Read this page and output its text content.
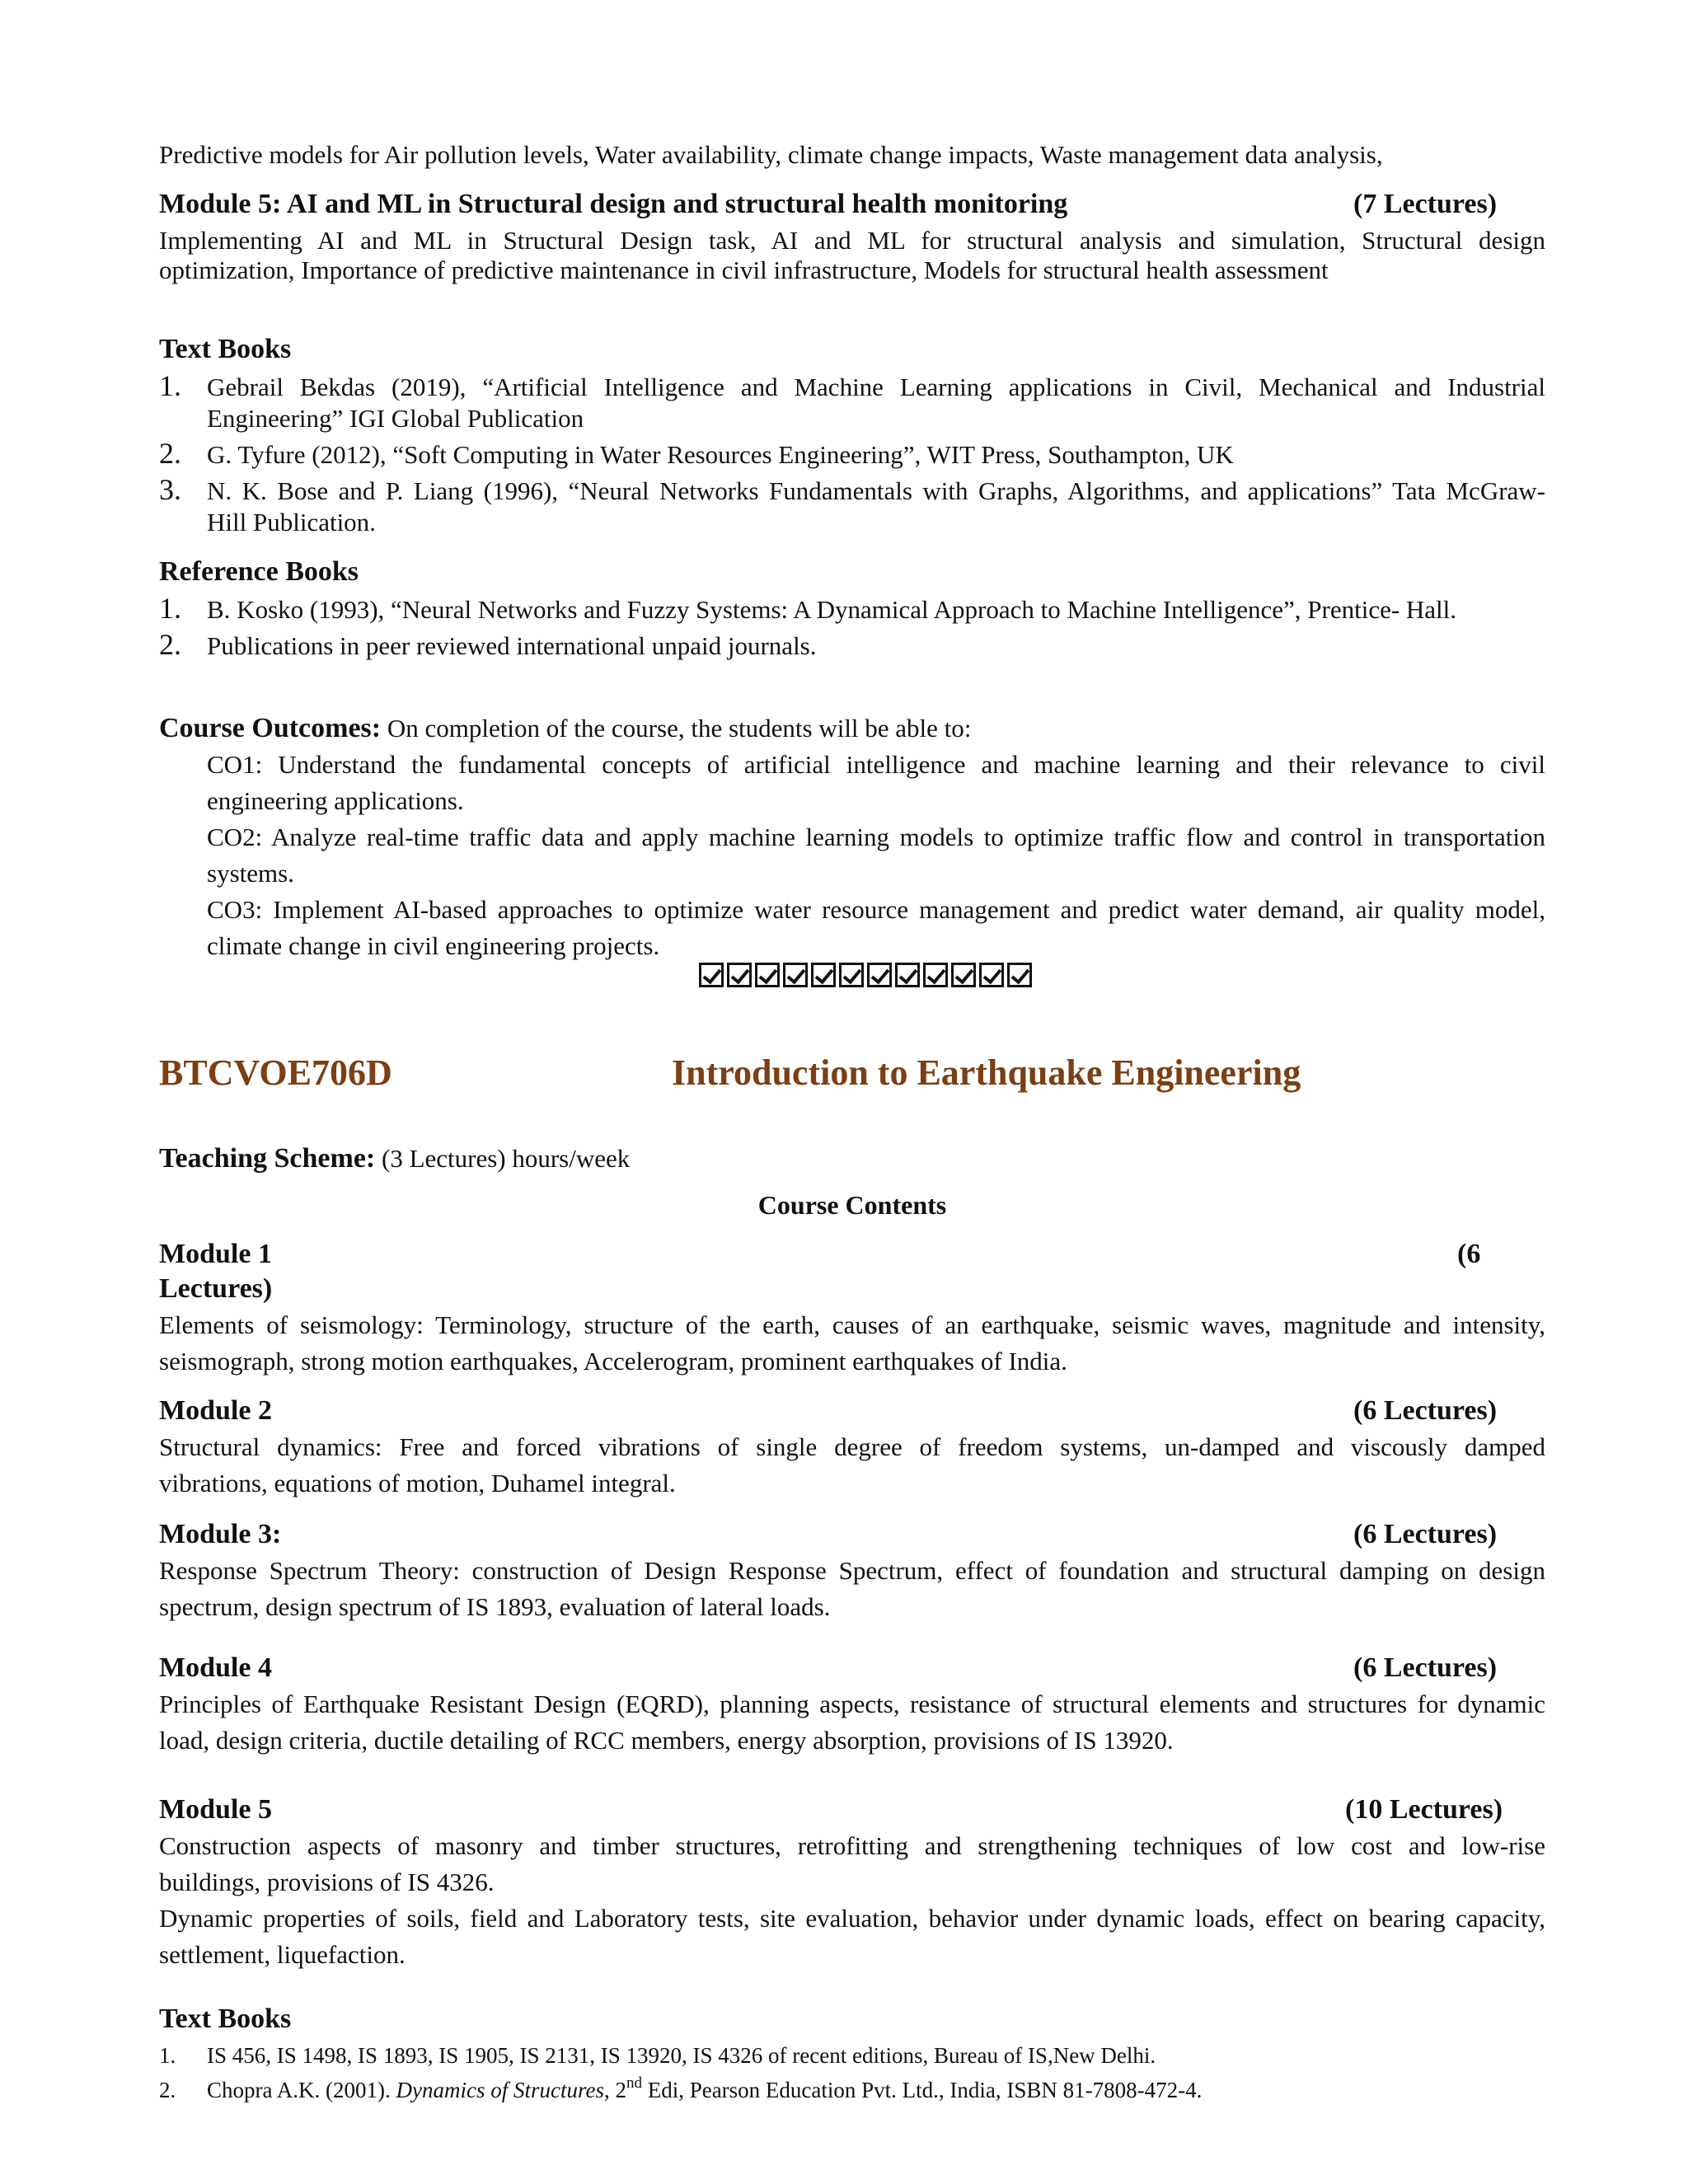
Predictive models for Air pollution levels, Water availability, climate change impacts, Waste management data analysis,

Module 5: AI and ML in Structural design and structural health monitoring	(7 Lectures)

Implementing AI and ML in Structural Design task, AI and ML for structural analysis and simulation, Structural design

optimization, Importance of predictive maintenance in civil infrastructure, Models for structural health assessment

Text Books

1. Gebrail Bekdas (2019), “Artificial Intelligence and Machine Learning applications in Civil, Mechanical and Industrial

Engineering” IGI Global Publication

2. G. Tyfure (2012), “Soft Computing in Water Resources Engineering”, WIT Press, Southampton, UK

3. N. K. Bose and P. Liang (1996), “Neural Networks Fundamentals with Graphs, Algorithms, and applications” Tata McGraw-

Hill Publication.

Reference Books

1. B. Kosko (1993), “Neural Networks and Fuzzy Systems: A Dynamical Approach to Machine Intelligence”, Prentice- Hall.

2. Publications in peer reviewed international unpaid journals.

Course Outcomes: On completion of the course, the students will be able to:

CO1: Understand the fundamental concepts of artificial intelligence and machine learning and their relevance to civil

engineering applications.

CO2: Analyze real-time traffic data and apply machine learning models to optimize traffic flow and control in transportation

systems.

CO3: Implement AI-based approaches to optimize water resource management and predict water demand, air quality model,

climate change in civil engineering projects.

BTCVOE706D	Introduction to Earthquake Engineering

Teaching Scheme: (3 Lectures) hours/week

Course Contents

Module 1	(6

Lectures)

Elements of seismology: Terminology, structure of the earth, causes of an earthquake, seismic waves, magnitude and intensity,

seismograph, strong motion earthquakes, Accelerogram, prominent earthquakes of India.

Module 2	(6 Lectures)

Structural dynamics: Free and forced vibrations of single degree of freedom systems, un-damped and viscously damped

vibrations, equations of motion, Duhamel integral.

Module 3:	(6 Lectures)

Response Spectrum Theory: construction of Design Response Spectrum, effect of foundation and structural damping on design

spectrum, design spectrum of IS 1893, evaluation of lateral loads.

Module 4	(6 Lectures)

Principles of Earthquake Resistant Design (EQRD), planning aspects, resistance of structural elements and structures for dynamic

load, design criteria, ductile detailing of RCC members, energy absorption, provisions of IS 13920.

Module 5	(10 Lectures)

Construction aspects of masonry and timber structures, retrofitting and strengthening techniques of low cost and low-rise

buildings, provisions of IS 4326.

Dynamic properties of soils, field and Laboratory tests, site evaluation, behavior under dynamic loads, effect on bearing capacity,

settlement, liquefaction.

Text Books

1. IS 456, IS 1498, IS 1893, IS 1905, IS 2131, IS 13920, IS 4326 of recent editions, Bureau of IS,New Delhi.

2. Chopra A.K. (2001). Dynamics of Structures, 2nd Edi, Pearson Education Pvt. Ltd., India, ISBN 81-7808-472-4.
